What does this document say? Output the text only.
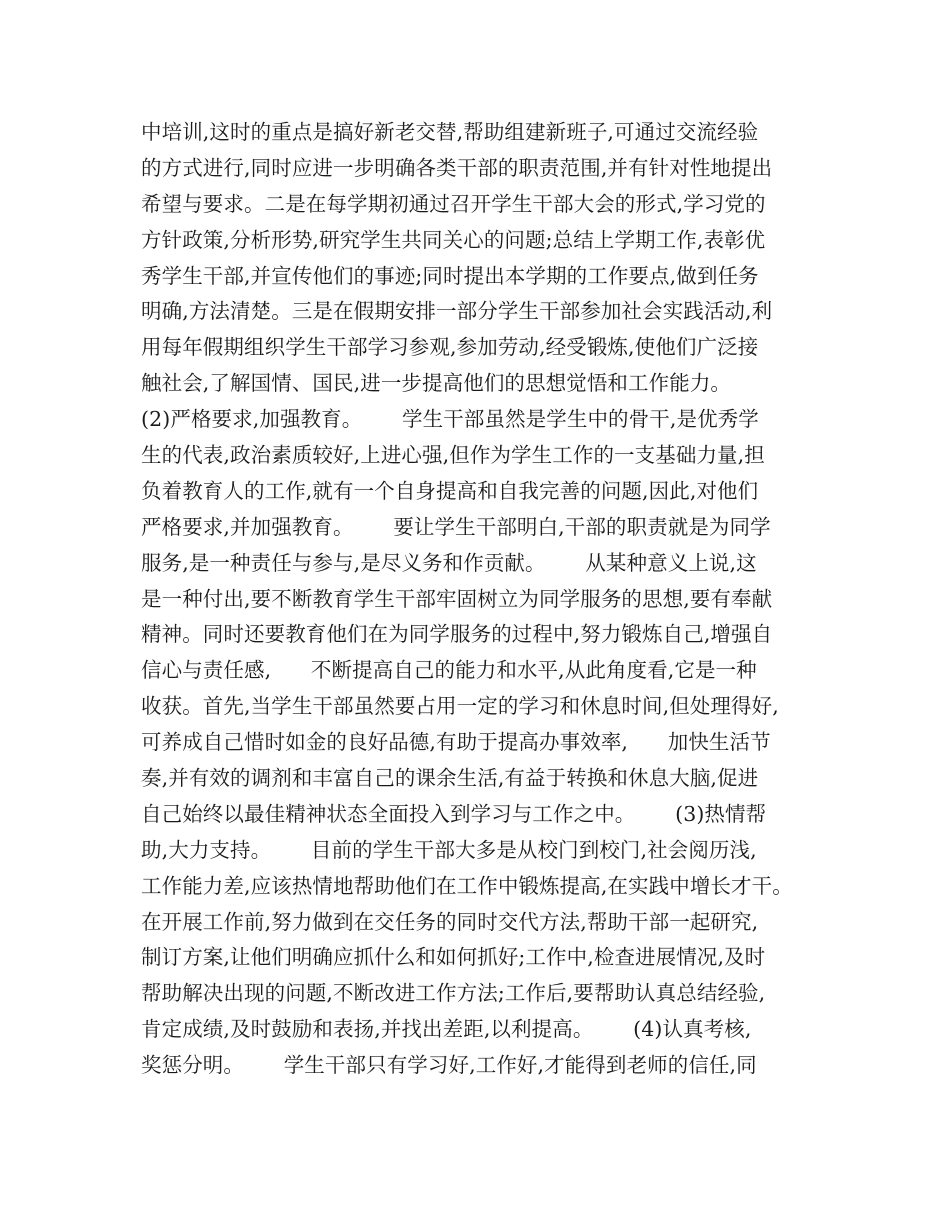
中培训,这时的重点是搞好新老交替,帮助组建新班子,可通过交流经验
的方式进行,同时应进一步明确各类干部的职责范围,并有针对性地提出
希望与要求。二是在每学期初通过召开学生干部大会的形式,学习党的
方针政策,分析形势,研究学生共同关心的问题;总结上学期工作,表彰优
秀学生干部,并宣传他们的事迹;同时提出本学期的工作要点,做到任务
明确,方法清楚。三是在假期安排一部分学生干部参加社会实践活动,利
用每年假期组织学生干部学习参观,参加劳动,经受锻炼,使他们广泛接
触社会,了解国情、国民,进一步提高他们的思想觉悟和工作能力。
(2)严格要求,加强教育。      学生干部虽然是学生中的骨干,是优秀学
生的代表,政治素质较好,上进心强,但作为学生工作的一支基础力量,担
负着教育人的工作,就有一个自身提高和自我完善的问题,因此,对他们
严格要求,并加强教育。      要让学生干部明白,干部的职责就是为同学
服务,是一种责任与参与,是尽义务和作贡献。      从某种意义上说,这
是一种付出,要不断教育学生干部牢固树立为同学服务的思想,要有奉献
精神。同时还要教育他们在为同学服务的过程中,努力锻炼自己,增强自
信心与责任感,      不断提高自己的能力和水平,从此角度看,它是一种
收获。首先,当学生干部虽然要占用一定的学习和休息时间,但处理得好,
可养成自己惜时如金的良好品德,有助于提高办事效率,      加快生活节
奏,并有效的调剂和丰富自己的课余生活,有益于转换和休息大脑,促进
自己始终以最佳精神状态全面投入到学习与工作之中。      (3)热情帮
助,大力支持。      目前的学生干部大多是从校门到校门,社会阅历浅,
工作能力差,应该热情地帮助他们在工作中锻炼提高,在实践中增长才干。
在开展工作前,努力做到在交任务的同时交代方法,帮助干部一起研究,
制订方案,让他们明确应抓什么和如何抓好;工作中,检查进展情况,及时
帮助解决出现的问题,不断改进工作方法;工作后,要帮助认真总结经验,
肯定成绩,及时鼓励和表扬,并找出差距,以利提高。      (4)认真考核,
奖惩分明。      学生干部只有学习好,工作好,才能得到老师的信任,同
